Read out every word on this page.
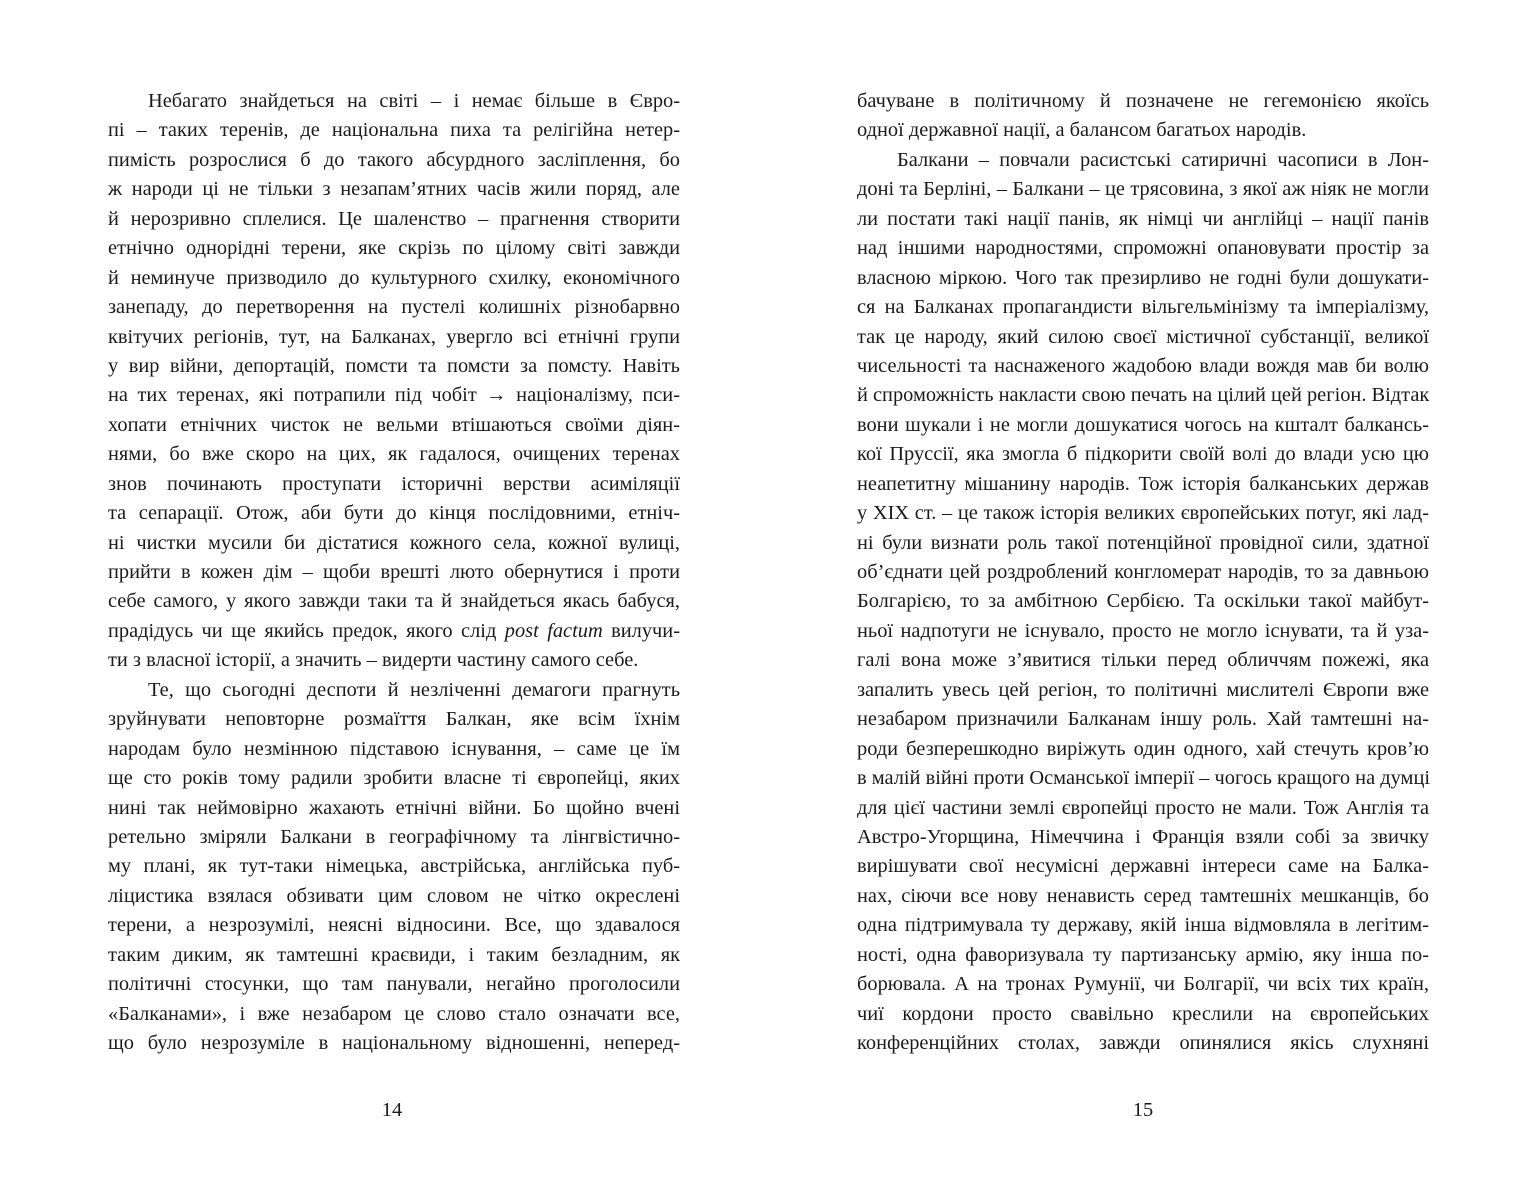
Небагато знайдеться на світі – і немає більше в Євро-
пі – таких теренів, де національна пиха та релігійна нетер-
пимість розрослися б до такого абсурдного засліплення, бо
ж народи ці не тільки з незапам’ятних часів жили поряд, але
й нерозривно сплелися. Це шаленство – прагнення створити
етнічно однорідні терени, яке скрізь по цілому світі завжди
й неминуче призводило до культурного схилку, економічного
занепаду, до перетворення на пустелі колишніх різнобарвно
квітучих регіонів, тут, на Балканах, увергло всі етнічні групи
у вир війни, депортацій, помсти та помсти за помсту. Навіть
на тих теренах, які потрапили під чобіт → націоналізму, пси-
хопати етнічних чисток не вельми втішаються своїми діян-
нями, бо вже скоро на цих, як гадалося, очищених теренах
знов починають проступати історичні верстви асиміляції
та сепарації. Отож, аби бути до кінця послідовними, етніч-
ні чистки мусили би дістатися кожного села, кожної вулиці,
прийти в кожен дім – щоби врешті люто обернутися і проти
себе самого, у якого завжди таки та й знайдеться якась бабуся,
прадідусь чи ще якийсь предок, якого слід post factum вилучи-
ти з власної історії, а значить – видерти частину самого себе.
Те, що сьогодні деспоти й незліченні демагоги прагнуть
зруйнувати неповторне розмаїття Балкан, яке всім їхнім
народам було незмінною підставою існування, – саме це їм
ще сто років тому радили зробити власне ті європейці, яких
нині так неймовірно жахають етнічні війни. Бо щойно вчені
ретельно зміряли Балкани в географічному та лінгвістично-
му плані, як тут-таки німецька, австрійська, англійська пуб-
ліцистика взялася обзивати цим словом не чітко окреслені
терени, а незрозумілі, неясні відносини. Все, що здавалося
таким диким, як тамтешні краєвиди, і таким безладним, як
політичні стосунки, що там панували, негайно проголосили
«Балканами», і вже незабаром це слово стало означати все,
що було незрозуміле в національному відношенні, неперед-
14
бачуване в політичному й позначене не гегемонією якоїсь
одної державної нації, а балансом багатьох народів.
Балкани – повчали расистські сатиричні часописи в Лон-
доні та Берліні, – Балкани – це трясовина, з якої аж ніяк не могли
ли постати такі нації панів, як німці чи англійці – нації панів
над іншими народностями, спроможні опановувати простір за
власною міркою. Чого так презирливо не годні були дошукати-
ся на Балканах пропагандисти вільгельмінізму та імперіалізму,
так це народу, який силою своєї містичної субстанції, великої
чисельності та наснаженого жадобою влади вождя мав би волю
й спроможність накласти свою печать на цілий цей регіон. Відтак
вони шукали і не могли дошукатися чогось на кшталт балкансь-
кої Пруссії, яка змогла б підкорити своїй волі до влади усю цю
неапетитну мішанину народів. Тож історія балканських держав
у XIX ст. – це також історія великих європейських потуг, які лад-
ні були визнати роль такої потенційної провідної сили, здатної
об’єднати цей роздроблений конгломерат народів, то за давньою
Болгарією, то за амбітною Сербією. Та оскільки такої майбут-
ньої надпотуги не існувало, просто не могло існувати, та й уза-
галі вона може з’явитися тільки перед обличчям пожежі, яка
запалить увесь цей регіон, то політичні мислителі Європи вже
незабаром призначили Балканам іншу роль. Хай тамтешні на-
роди безперешкодно виріжуть один одного, хай стечуть кров’ю
в малій війні проти Османської імперії – чогось кращого на думці
для цієї частини землі європейці просто не мали. Тож Англія та
Австро-Угорщина, Німеччина і Франція взяли собі за звичку
вирішувати свої несумісні державні інтереси саме на Балка-
нах, сіючи все нову ненависть серед тамтешніх мешканців, бо
одна підтримувала ту державу, якій інша відмовляла в легітим-
ності, одна фаворизувала ту партизанську армію, яку інша по-
борювала. А на тронах Румунії, чи Болгарії, чи всіх тих країн,
чиї кордони просто свавільно креслили на європейських
конференційних столах, завжди опинялися якісь слухняні
15
